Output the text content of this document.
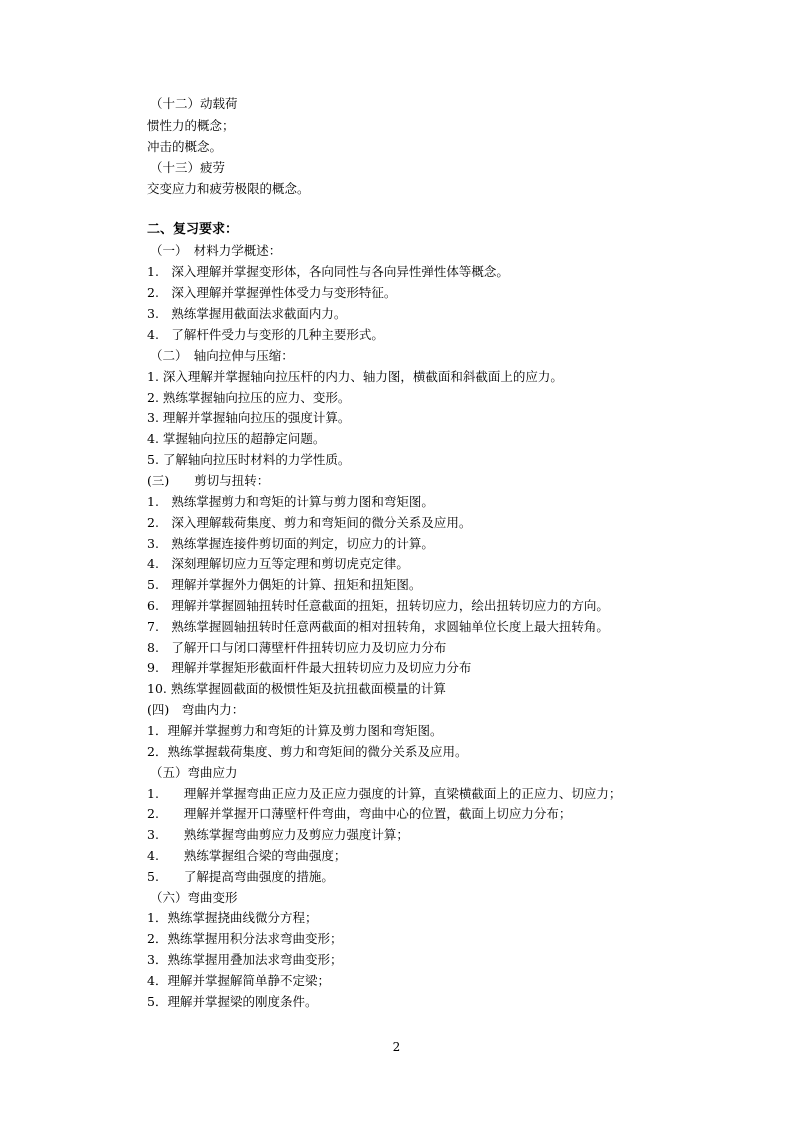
（十二）动载荷
惯性力的概念；
冲击的概念。
（十三）疲劳
交变应力和疲劳极限的概念。
二、复习要求：
（一）　材料力学概述：
1.　深入理解并掌握变形体，各向同性与各向异性弹性体等概念。
2.　深入理解并掌握弹性体受力与变形特征。
3.　熟练掌握用截面法求截面内力。
4.　了解杆件受力与变形的几种主要形式。
（二）　轴向拉伸与压缩：
1. 深入理解并掌握轴向拉压杆的内力、轴力图，横截面和斜截面上的应力。
2. 熟练掌握轴向拉压的应力、变形。
3. 理解并掌握轴向拉压的强度计算。
4. 掌握轴向拉压的超静定问题。
5. 了解轴向拉压时材料的力学性质。
(三)　　剪切与扭转：
1.　熟练掌握剪力和弯矩的计算与剪力图和弯矩图。
2.　深入理解载荷集度、剪力和弯矩间的微分关系及应用。
3.　熟练掌握连接件剪切面的判定，切应力的计算。
4.　深刻理解切应力互等定理和剪切虎克定律。
5.　理解并掌握外力偶矩的计算、扭矩和扭矩图。
6.　理解并掌握圆轴扭转时任意截面的扭矩，扭转切应力，绘出扭转切应力的方向。
7.　熟练掌握圆轴扭转时任意两截面的相对扭转角，求圆轴单位长度上最大扭转角。
8.　了解开口与闭口薄壁杆件扭转切应力及切应力分布
9.　理解并掌握矩形截面杆件最大扭转切应力及切应力分布
10. 熟练掌握圆截面的极惯性矩及抗扭截面模量的计算
(四)　弯曲内力：
1．理解并掌握剪力和弯矩的计算及剪力图和弯矩图。
2．熟练掌握载荷集度、剪力和弯矩间的微分关系及应用。
（五）弯曲应力
1.　　理解并掌握弯曲正应力及正应力强度的计算，直梁横截面上的正应力、切应力；
2.　　理解并掌握开口薄壁杆件弯曲，弯曲中心的位置，截面上切应力分布；
3.　　熟练掌握弯曲剪应力及剪应力强度计算；
4.　　熟练掌握组合梁的弯曲强度；
5.　　了解提高弯曲强度的措施。
（六）弯曲变形
1．熟练掌握挠曲线微分方程；
2．熟练掌握用积分法求弯曲变形；
3．熟练掌握用叠加法求弯曲变形；
4．理解并掌握解简单静不定梁；
5．理解并掌握梁的刚度条件。
2
